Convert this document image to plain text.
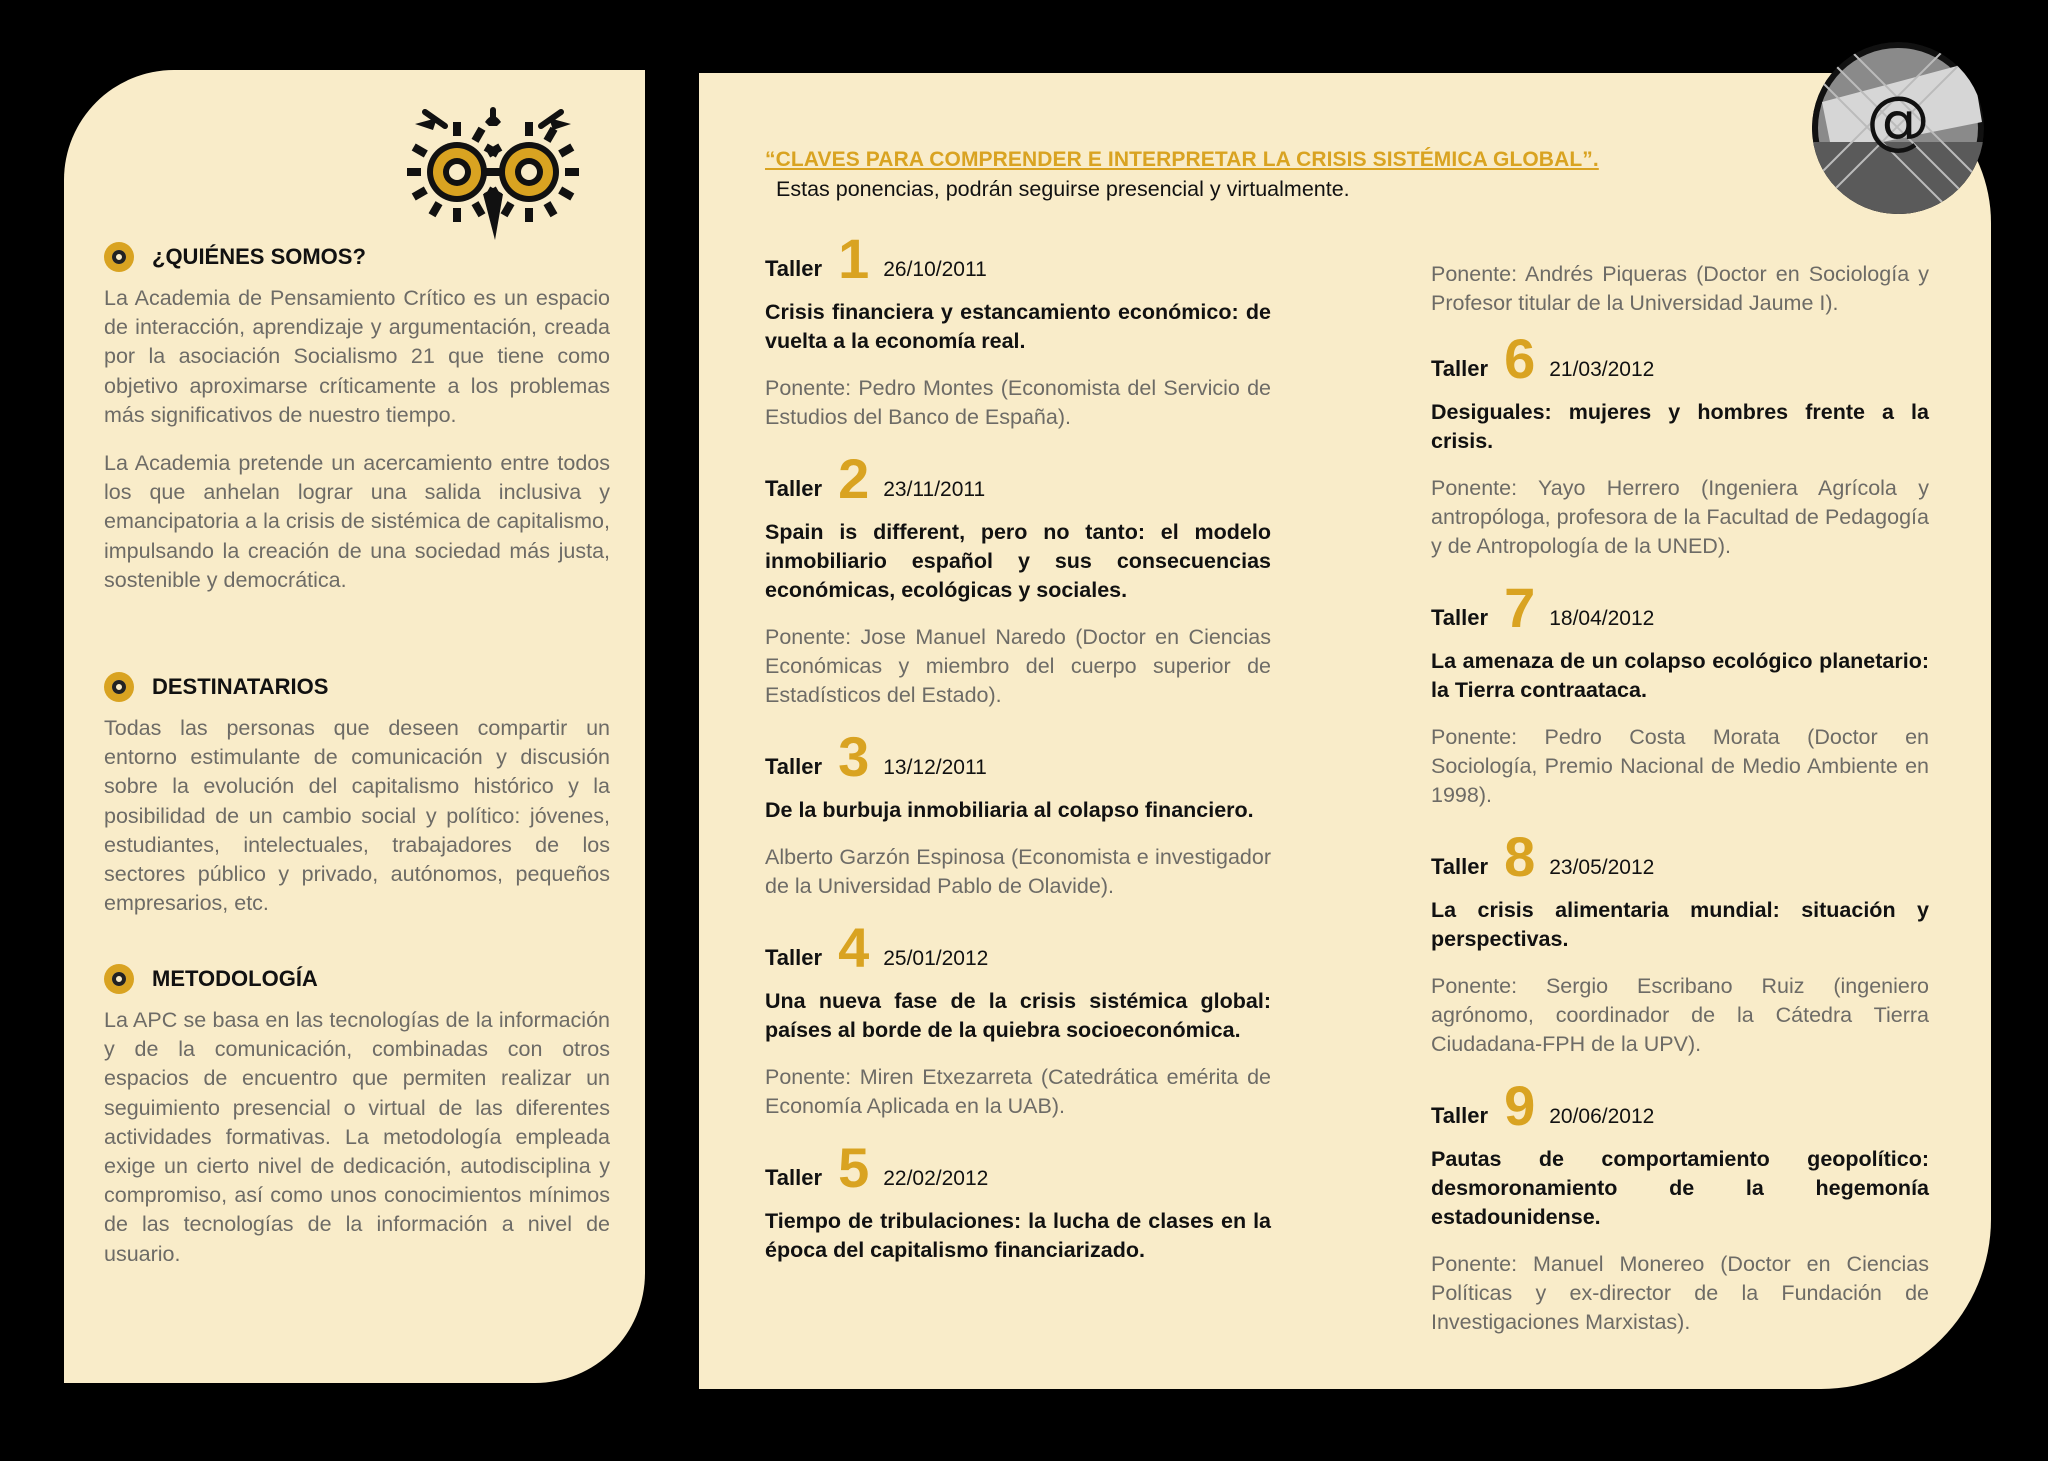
¿QUIÉNES SOMOS?

La Academia de Pensamiento Crítico es un espacio de interacción, aprendizaje y argumentación, creada por la asociación Socialismo 21 que tiene como objetivo aproximarse críticamente a los problemas más significativos de nuestro tiempo.

La Academia pretende un acercamiento entre todos los que anhelan lograr una salida inclusiva y emancipatoria a la crisis de sistémica de capitalismo, impulsando la creación de una sociedad más justa, sostenible y democrática.

DESTINATARIOS

Todas las personas que deseen compartir un entorno estimulante de comunicación y discusión sobre la evolución del capitalismo histórico y la posibilidad de un cambio social y político: jóvenes, estudiantes, intelectuales, trabajadores de los sectores público y privado, autónomos, pequeños empresarios, etc.

METODOLOGÍA

La APC se basa en las tecnologías de la información y de la comunicación, combinadas con otros espacios de encuentro que permiten realizar un seguimiento presencial o virtual de las diferentes actividades formativas. La metodología empleada exige un cierto nivel de dedicación, autodisciplina y compromiso, así como unos conocimientos mínimos de las tecnologías de la información a nivel de usuario.

“CLAVES PARA COMPRENDER E INTERPRETAR LA CRISIS SISTÉMICA GLOBAL”.
Estas ponencias, podrán seguirse presencial y virtualmente.
@
Taller 1 26/10/2011
Crisis financiera y estancamiento económico: de vuelta a la economía real.
Ponente: Pedro Montes (Economista del Servicio de Estudios del Banco de España).
Taller 2 23/11/2011
Spain is different, pero no tanto: el modelo inmobiliario español y sus consecuencias económicas, ecológicas y sociales.
Ponente: Jose Manuel Naredo (Doctor en Ciencias Económicas y miembro del cuerpo superior de Estadísticos del Estado).
Taller 3 13/12/2011
De la burbuja inmobiliaria al colapso financiero.
Alberto Garzón Espinosa (Economista e investigador de la Universidad Pablo de Olavide).
Taller 4 25/01/2012
Una nueva fase de la crisis sistémica global: países al borde de la quiebra socioeconómica.
Ponente: Miren Etxezarreta (Catedrática emérita de Economía Aplicada en la UAB).
Taller 5 22/02/2012
Tiempo de tribulaciones: la lucha de clases en la época del capitalismo financiarizado.
Ponente: Andrés Piqueras (Doctor en Sociología y Profesor titular de la Universidad Jaume I).
Taller 6 21/03/2012
Desiguales: mujeres y hombres frente a la crisis.
Ponente: Yayo Herrero (Ingeniera Agrícola y antropóloga, profesora de la Facultad de Pedagogía y de Antropología de la UNED).
Taller 7 18/04/2012
La amenaza de un colapso ecológico planetario: la Tierra contraataca.
Ponente: Pedro Costa Morata (Doctor en Sociología, Premio Nacional de Medio Ambiente en 1998).
Taller 8 23/05/2012
La crisis alimentaria mundial: situación y perspectivas.
Ponente: Sergio Escribano Ruiz (ingeniero agrónomo, coordinador de la Cátedra Tierra Ciudadana-FPH de la UPV).
Taller 9 20/06/2012
Pautas de comportamiento geopolítico: desmoronamiento de la hegemonía estadounidense.
Ponente: Manuel Monereo (Doctor en Ciencias Políticas y ex-director de la Fundación de Investigaciones Marxistas).
